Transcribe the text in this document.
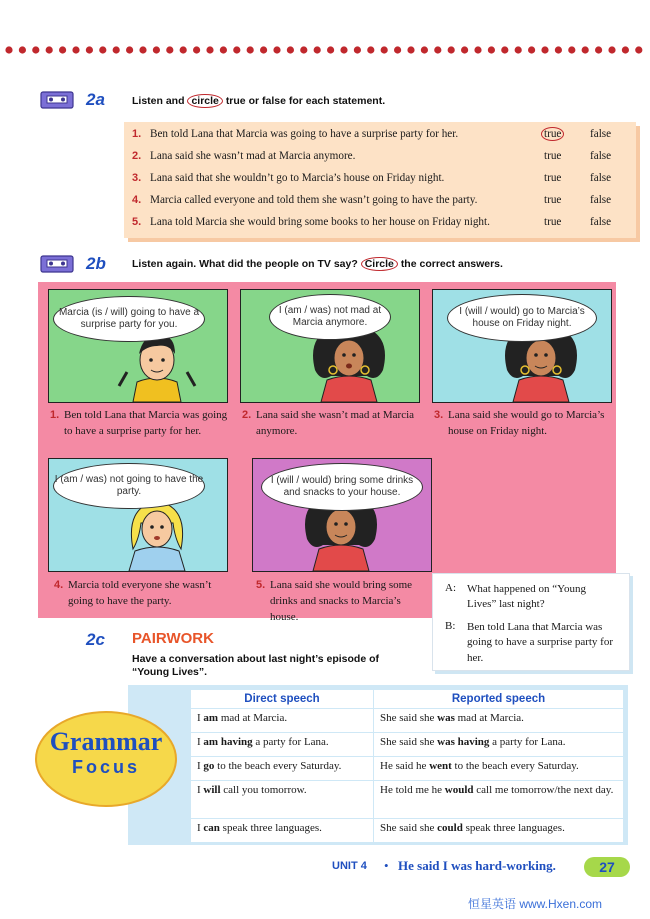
2a	Listen and circle true or false for each statement.
1. Ben told Lana that Marcia was going to have a surprise party for her.	true	false
2. Lana said she wasn’t mad at Marcia anymore.	true	false
3. Lana said that she wouldn’t go to Marcia’s house on Friday night.	true	false
4. Marcia called everyone and told them she wasn’t going to have the party.	true	false
5. Lana told Marcia she would bring some books to her house on Friday night.	true	false
2b Listen again. What did the people on TV say? Circle the correct answers.
Marcia (is / will) going to have a surprise party for you.
1. Ben told Lana that Marcia was going to have a surprise party for her.
I (am / was) not mad at Marcia anymore.
2. Lana said she wasn’t mad at Marcia anymore.
I (will / would) go to Marcia’s house on Friday night.
3. Lana said she would go to Marcia’s house on Friday night.
I (am / was) not going to have the party.
4. Marcia told everyone she wasn’t going to have the party.
I (will / would) bring some drinks and snacks to your house.
5. Lana said she would bring some drinks and snacks to Marcia’s house.
A: What happened on “Young Lives” last night?
B: Ben told Lana that Marcia was going to have a surprise party for her.
2c PAIRWORK
Have a conversation about last night’s episode of “Young Lives”.
Grammar
Focus
Direct speech	Reported speech
I am mad at Marcia.	She said she was mad at Marcia.
I am having a party for Lana.	She said she was having a party for Lana.
I go to the beach every Saturday.	He said he went to the beach every Saturday.
I will call you tomorrow.	He told me he would call me tomorrow/the next day.
I can speak three languages.	She said she could speak three languages.
UNIT 4 • He said I was hard-working.	27
恒星英语 www.Hxen.com
